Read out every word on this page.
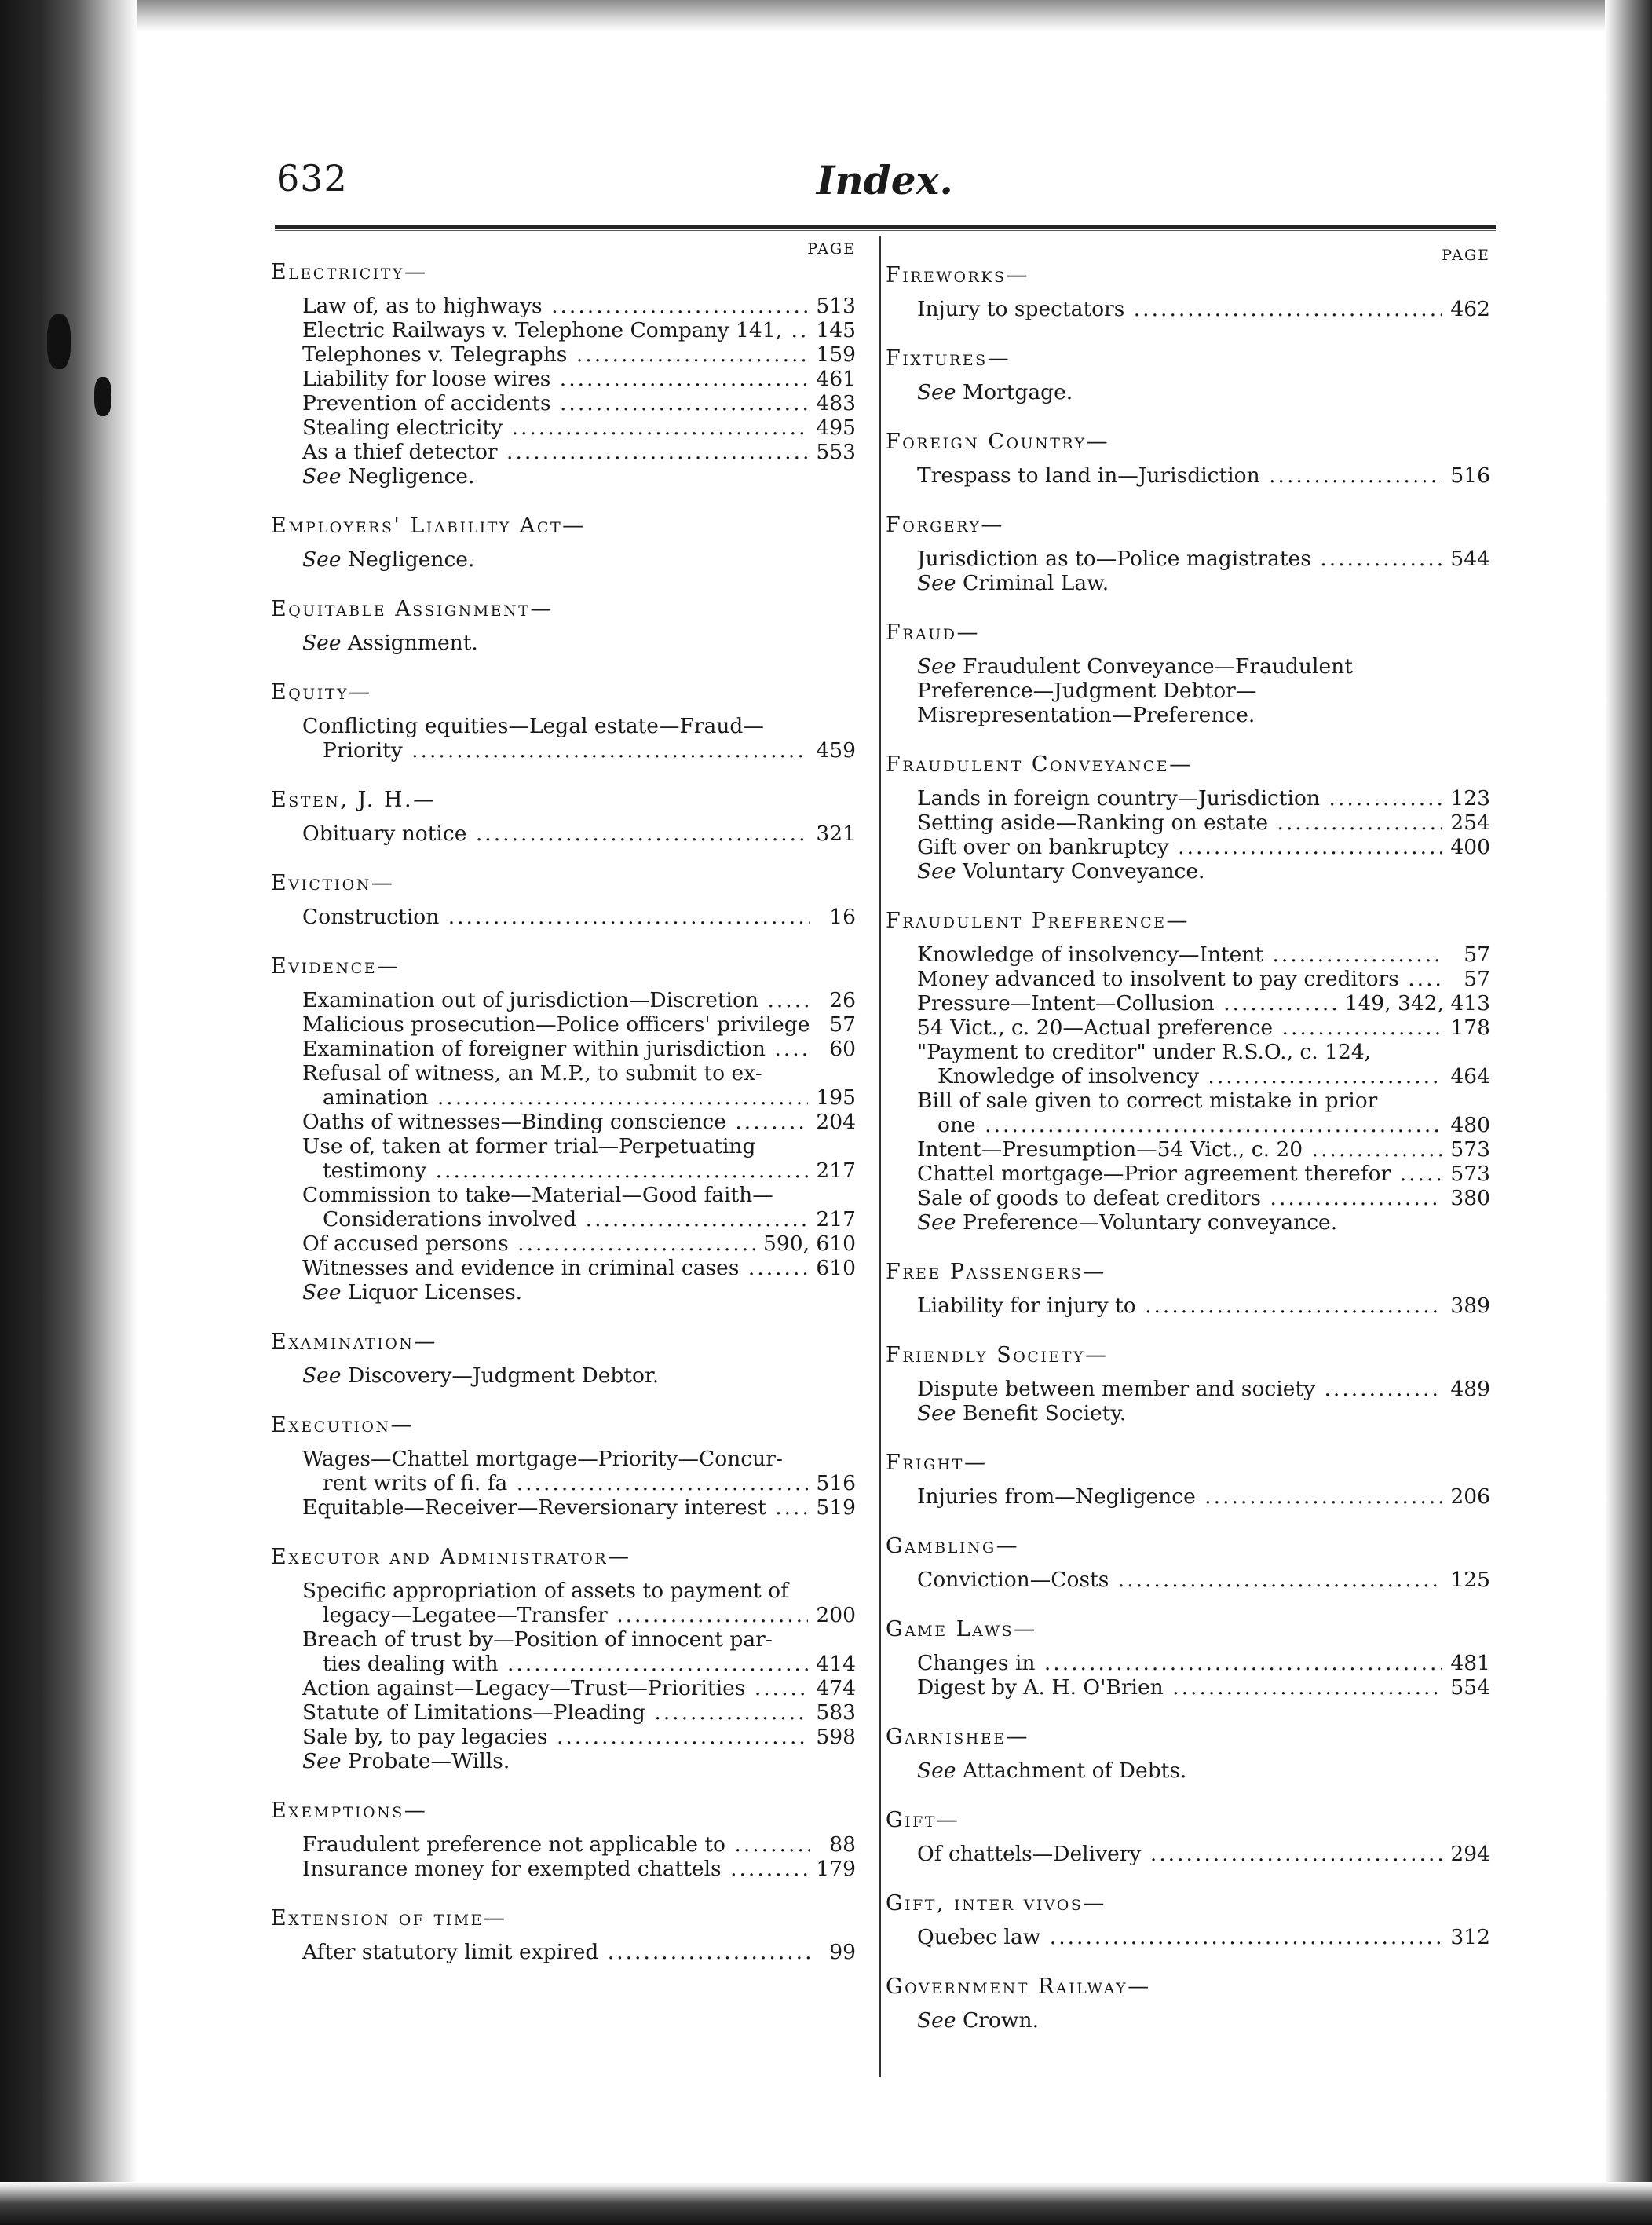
632	Index.
PAGE
Electricity—
Law of, as to highways .....	513
Electric Railways v. Telephone Company 141, .....	145
Telephones v. Telegraphs .....	159
Liability for loose wires .....	461
Prevention of accidents .....	483
Stealing electricity .....	495
As a thief detector .....	553
See Negligence.
Employers' Liability Act—
See Negligence.
Equitable Assignment—
See Assignment.
Equity—
Conflicting equities—Legal estate—Fraud—
Priority .....	459
Esten, J. H.—
Obituary notice .....	321
Eviction—
Construction .....	16
Evidence—
Examination out of jurisdiction—Discretion .....	26
Malicious prosecution—Police officers' privilege ..... 57
Examination of foreigner within jurisdiction .....	60
Refusal of witness, an M.P., to submit to ex-
amination .....	195
Oaths of witnesses—Binding conscience .....	204
Use of, taken at former trial—Perpetuating
testimony .....	217
Commission to take—Material—Good faith—
Considerations involved .....	217
Of accused persons .....	590, 610
Witnesses and evidence in criminal cases .....	610
See Liquor Licenses.
Examination—
See Discovery—Judgment Debtor.
Execution—
Wages—Chattel mortgage—Priority—Concur-
rent writs of fi. fa .....	516
Equitable—Receiver—Reversionary interest .....	519
Executor and Administrator—
Specific appropriation of assets to payment of
legacy—Legatee—Transfer .....	200
Breach of trust by—Position of innocent par-
ties dealing with .....	414
Action against—Legacy—Trust—Priorities .....	474
Statute of Limitations—Pleading .....	583
Sale by, to pay legacies .....	598
See Probate—Wills.
Exemptions—
Fraudulent preference not applicable to .....	88
Insurance money for exempted chattels .....	179
Extension of time—
After statutory limit expired .....	99
PAGE
Fireworks—
Injury to spectators .....	462
Fixtures—
See Mortgage.
Foreign Country—
Trespass to land in—Jurisdiction .....	516
Forgery—
Jurisdiction as to—Police magistrates .....	544
See Criminal Law.
Fraud—
See Fraudulent Conveyance—Fraudulent Preference—Judgment Debtor—Misrepresentation—Preference.
Fraudulent Conveyance—
Lands in foreign country—Jurisdiction .....	123
Setting aside—Ranking on estate .....	254
Gift over on bankruptcy .....	400
See Voluntary Conveyance.
Fraudulent Preference—
Knowledge of insolvency—Intent .....	57
Money advanced to insolvent to pay creditors .....	57
Pressure—Intent—Collusion .....	149, 342, 413
54 Vict., c. 20—Actual preference .....	178
"Payment to creditor" under R.S.O., c. 124,
Knowledge of insolvency .....	464
Bill of sale given to correct mistake in prior
one .....	480
Intent—Presumption—54 Vict., c. 20 .....	573
Chattel mortgage—Prior agreement therefor .....	573
Sale of goods to defeat creditors .....	380
See Preference—Voluntary conveyance.
Free Passengers—
Liability for injury to .....	389
Friendly Society—
Dispute between member and society .....	489
See Benefit Society.
Fright—
Injuries from—Negligence .....	206
Gambling—
Conviction—Costs .....	125
Game Laws—
Changes in .....	481
Digest by A. H. O'Brien .....	554
Garnishee—
See Attachment of Debts.
Gift—
Of chattels—Delivery .....	294
Gift, inter vivos—
Quebec law .....	312
Government Railway—
See Crown.
